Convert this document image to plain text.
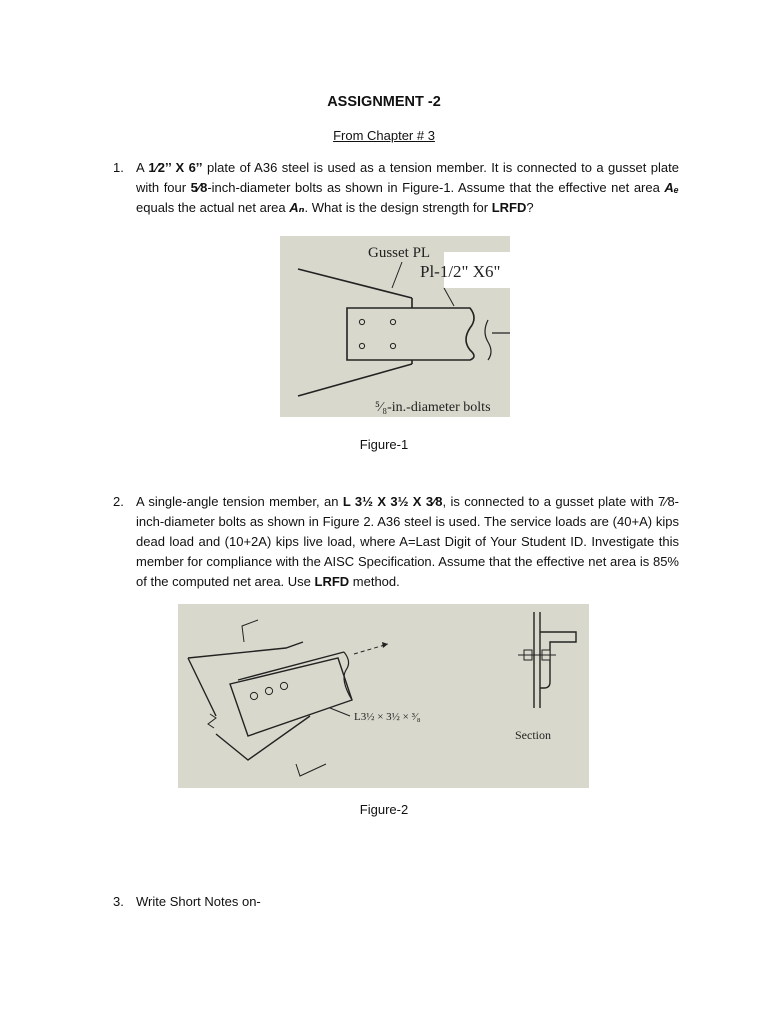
ASSIGNMENT -2
From Chapter # 3
1. A 1⁄2’’ X 6’’ plate of A36 steel is used as a tension member. It is connected to a gusset plate with four 5⁄8-inch-diameter bolts as shown in Figure-1. Assume that the effective net area Aₑ equals the actual net area Aₙ. What is the design strength for LRFD?
Gusset PL
Pl-1/2" X6"
⁵⁄₈-in.-diameter bolts
Figure-1
2. A single-angle tension member, an L 3½ X 3½ X 3⁄8, is connected to a gusset plate with 7⁄8-inch-diameter bolts as shown in Figure 2. A36 steel is used. The service loads are (40+A) kips dead load and (10+2A) kips live load, where A=Last Digit of Your Student ID. Investigate this member for compliance with the AISC Specification. Assume that the effective net area is 85% of the computed net area. Use LRFD method.
L3½ × 3½ × ³⁄₈
Section
Figure-2
3. Write Short Notes on-
